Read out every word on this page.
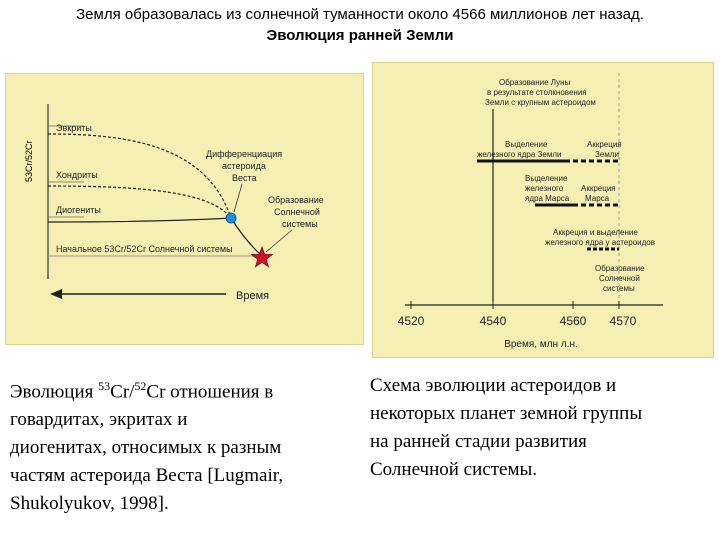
Земля образовалась из солнечной туманности около 4566 миллионов лет назад.
Эволюция ранней Земли
53Cr/52Cr
Эвкриты
Хондриты
Диогениты
Начальное 53Cr/52Cr Солнечной системы
Дифференциация
астероида
Веста
Образование
Солнечной
системы
Время
Образование Луны
в результате столкновения
Земли с крупным астероидом
Выделение
железного ядра Земли
Аккреция
Земли
Выделение
железного
ядра Марса
Аккреция
Марса
Аккреция и выделение
железного ядра у астероидов
Образование
Солнечной
системы
4520	4540	4560 4570
Время, млн л.н.
Эволюция $^{53}$Cr/$^{52}$Cr отношения в
говардитах, экритах и
диогенитах, относимых к разным
частям астероида Веста [Lugmair,
Shukolyukov, 1998].
Схема эволюции астероидов и
некоторых планет земной группы
на ранней стадии развития
Солнечной системы.
